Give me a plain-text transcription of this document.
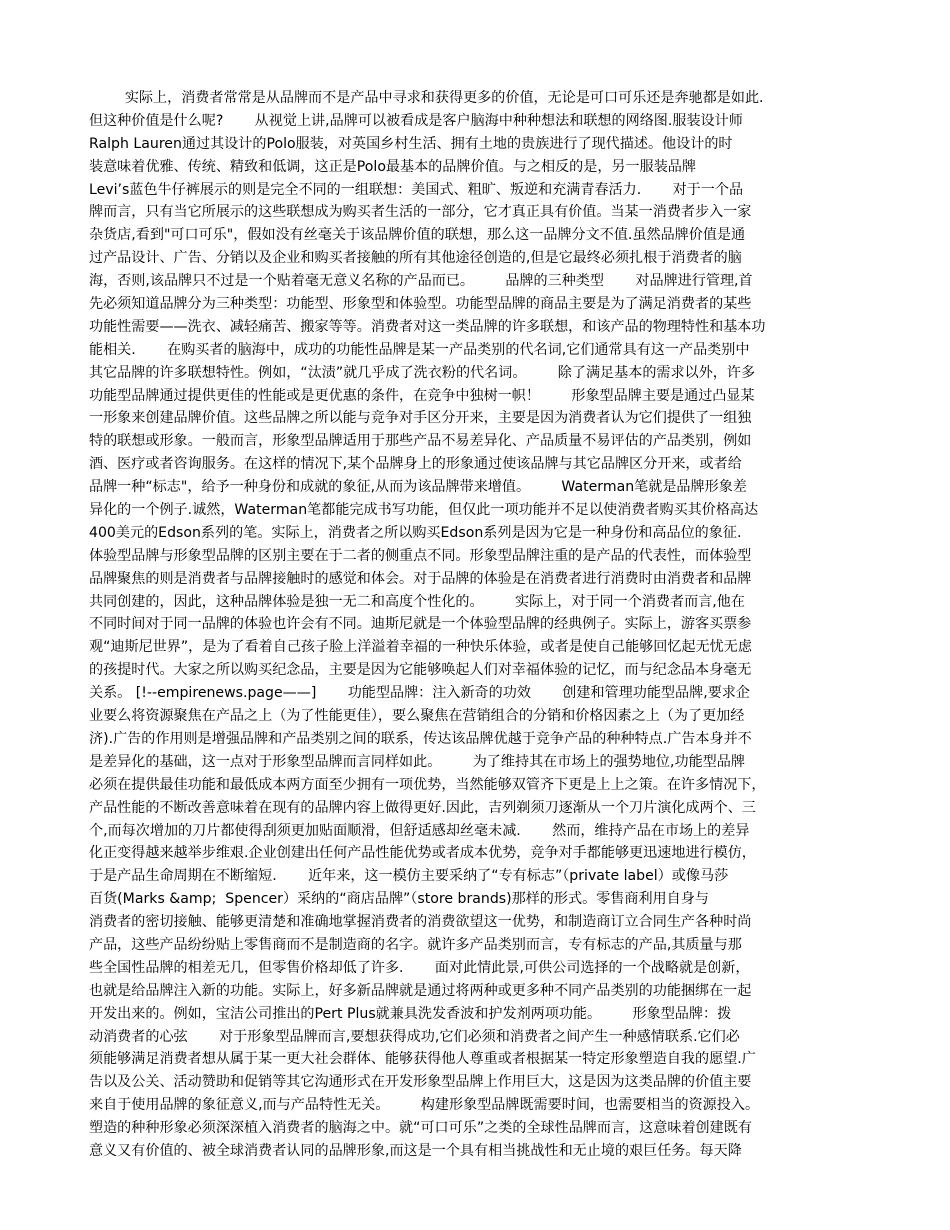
实际上，消费者常常是从品牌而不是产品中寻求和获得更多的价值，无论是可口可乐还是奔驰都是如此.
但这种价值是什么呢?       从视觉上讲,品牌可以被看成是客户脑海中种种想法和联想的网络图.服装设计师
Ralph Lauren通过其设计的Polo服装，对英国乡村生活、拥有土地的贵族进行了现代描述。他设计的时
装意味着优雅、传统、精致和低调，这正是Polo最基本的品牌价值。与之相反的是，另一服装品牌
Levi’s蓝色牛仔裤展示的则是完全不同的一组联想：美国式、粗旷、叛逆和充满青春活力.       对于一个品
牌而言，只有当它所展示的这些联想成为购买者生活的一部分，它才真正具有价值。当某一消费者步入一家
杂货店,看到"可口可乐"，假如没有丝毫关于该品牌价值的联想，那么这一品牌分文不值.虽然品牌价值是通
过产品设计、广告、分销以及企业和购买者接触的所有其他途径创造的,但是它最终必须扎根于消费者的脑
海，否则,该品牌只不过是一个贴着毫无意义名称的产品而已。       品牌的三种类型       对品牌进行管理,首
先必须知道品牌分为三种类型：功能型、形象型和体验型。功能型品牌的商品主要是为了满足消费者的某些
功能性需要——洗衣、减轻痛苦、搬家等等。消费者对这一类品牌的许多联想，和该产品的物理特性和基本功
能相关.       在购买者的脑海中，成功的功能性品牌是某一产品类别的代名词,它们通常具有这一产品类别中
其它品牌的许多联想特性。例如，“汰渍”就几乎成了洗衣粉的代名词。       除了满足基本的需求以外，许多
功能型品牌通过提供更佳的性能或是更优惠的条件，在竞争中独树一帜！       形象型品牌主要是通过凸显某
一形象来创建品牌价值。这些品牌之所以能与竞争对手区分开来，主要是因为消费者认为它们提供了一组独
特的联想或形象。一般而言，形象型品牌适用于那些产品不易差异化、产品质量不易评估的产品类别，例如
酒、医疗或者咨询服务。在这样的情况下,某个品牌身上的形象通过使该品牌与其它品牌区分开来，或者给
品牌一种“标志"，给予一种身份和成就的象征,从而为该品牌带来增值。       Waterman笔就是品牌形象差
异化的一个例子.诚然，Waterman笔都能完成书写功能，但仅此一项功能并不足以使消费者购买其价格高达
400美元的Edson系列的笔。实际上，消费者之所以购买Edson系列是因为它是一种身份和高品位的象征.
体验型品牌与形象型品牌的区别主要在于二者的侧重点不同。形象型品牌注重的是产品的代表性，而体验型
品牌聚焦的则是消费者与品牌接触时的感觉和体会。对于品牌的体验是在消费者进行消费时由消费者和品牌
共同创建的，因此，这种品牌体验是独一无二和高度个性化的。       实际上，对于同一个消费者而言,他在
不同时间对于同一品牌的体验也许会有不同。迪斯尼就是一个体验型品牌的经典例子。实际上，游客买票参
观“迪斯尼世界”，是为了看着自己孩子脸上洋溢着幸福的一种快乐体验，或者是使自己能够回忆起无忧无虑
的孩提时代。大家之所以购买纪念品，主要是因为它能够唤起人们对幸福体验的记忆，而与纪念品本身毫无
关系。 [!--empirenews.page——]       功能型品牌：注入新奇的功效       创建和管理功能型品牌,要求企
业要么将资源聚焦在产品之上（为了性能更佳），要么聚焦在营销组合的分销和价格因素之上（为了更加经
济).广告的作用则是增强品牌和产品类别之间的联系，传达该品牌优越于竞争产品的种种特点.广告本身并不
是差异化的基础，这一点对于形象型品牌而言同样如此。       为了维持其在市场上的强势地位,功能型品牌
必须在提供最佳功能和最低成本两方面至少拥有一项优势，当然能够双管齐下更是上上之策。在许多情况下，
产品性能的不断改善意味着在现有的品牌内容上做得更好.因此，吉列剃须刀逐渐从一个刀片演化成两个、三
个,而每次增加的刀片都使得刮须更加贴面顺滑，但舒适感却丝毫未减.       然而，维持产品在市场上的差异
化正变得越来越举步维艰.企业创建出任何产品性能优势或者成本优势，竞争对手都能够更迅速地进行模仿，
于是产品生命周期在不断缩短.       近年来，这一模仿主要采纳了“专有标志”（private label）或像马莎
百货(Marks &amp;  Spencer）采纳的“商店品牌”（store brands)那样的形式。零售商利用自身与
消费者的密切接触、能够更清楚和准确地掌握消费者的消费欲望这一优势，和制造商订立合同生产各种时尚
产品，这些产品纷纷贴上零售商而不是制造商的名字。就许多产品类别而言，专有标志的产品,其质量与那
些全国性品牌的相差无几，但零售价格却低了许多.       面对此情此景,可供公司选择的一个战略就是创新，
也就是给品牌注入新的功能。实际上，好多新品牌就是通过将两种或更多种不同产品类别的功能捆绑在一起
开发出来的。例如，宝洁公司推出的Pert Plus就兼具洗发香波和护发剂两项功能。       形象型品牌：拨
动消费者的心弦       对于形象型品牌而言,要想获得成功,它们必须和消费者之间产生一种感情联系.它们必
须能够满足消费者想从属于某一更大社会群体、能够获得他人尊重或者根据某一特定形象塑造自我的愿望.广
告以及公关、活动赞助和促销等其它沟通形式在开发形象型品牌上作用巨大，这是因为这类品牌的价值主要
来自于使用品牌的象征意义,而与产品特性无关。       构建形象型品牌既需要时间，也需要相当的资源投入。
塑造的种种形象必须深深植入消费者的脑海之中。就“可口可乐”之类的全球性品牌而言，这意味着创建既有
意义又有价值的、被全球消费者认同的品牌形象,而这是一个具有相当挑战性和无止境的艰巨任务。每天降
